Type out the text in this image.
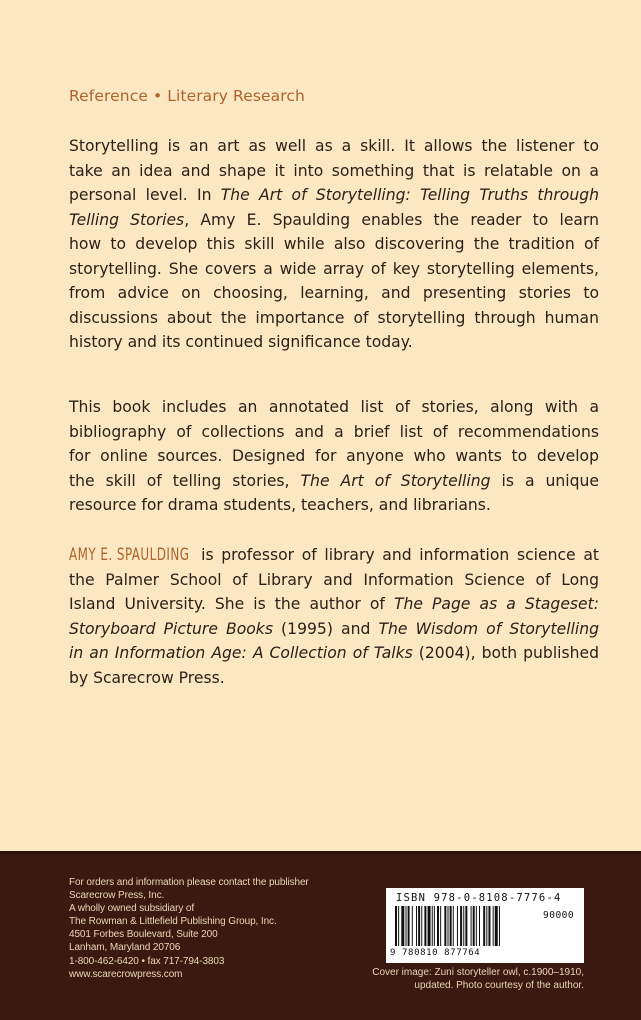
Reference • Literary Research
Storytelling is an art as well as a skill. It allows the listener to
take an idea and shape it into something that is relatable on a
personal level. In The Art of Storytelling: Telling Truths through
Telling Stories, Amy E. Spaulding enables the reader to learn
how to develop this skill while also discovering the tradition of
storytelling. She covers a wide array of key storytelling elements,
from advice on choosing, learning, and presenting stories to
discussions about the importance of storytelling through human
history and its continued significance today.
This book includes an annotated list of stories, along with a
bibliography of collections and a brief list of recommendations
for online sources. Designed for anyone who wants to develop
the skill of telling stories, The Art of Storytelling is a unique
resource for drama students, teachers, and librarians.
AMY E. SPAULDING is professor of library and information science at
the Palmer School of Library and Information Science of Long
Island University. She is the author of The Page as a Stageset:
Storyboard Picture Books (1995) and The Wisdom of Storytelling
in an Information Age: A Collection of Talks (2004), both published
by Scarecrow Press.
For orders and information please contact the publisher
Scarecrow Press, Inc.
A wholly owned subsidiary of
The Rowman & Littlefield Publishing Group, Inc.
4501 Forbes Boulevard, Suite 200
Lanham, Maryland 20706
1-800-462-6420 • fax 717-794-3803
www.scarecrowpress.com
ISBN 978-0-8108-7776-4
90000
9 780810 877764
Cover image: Zuni storyteller owl, c.1900–1910,
updated. Photo courtesy of the author.
